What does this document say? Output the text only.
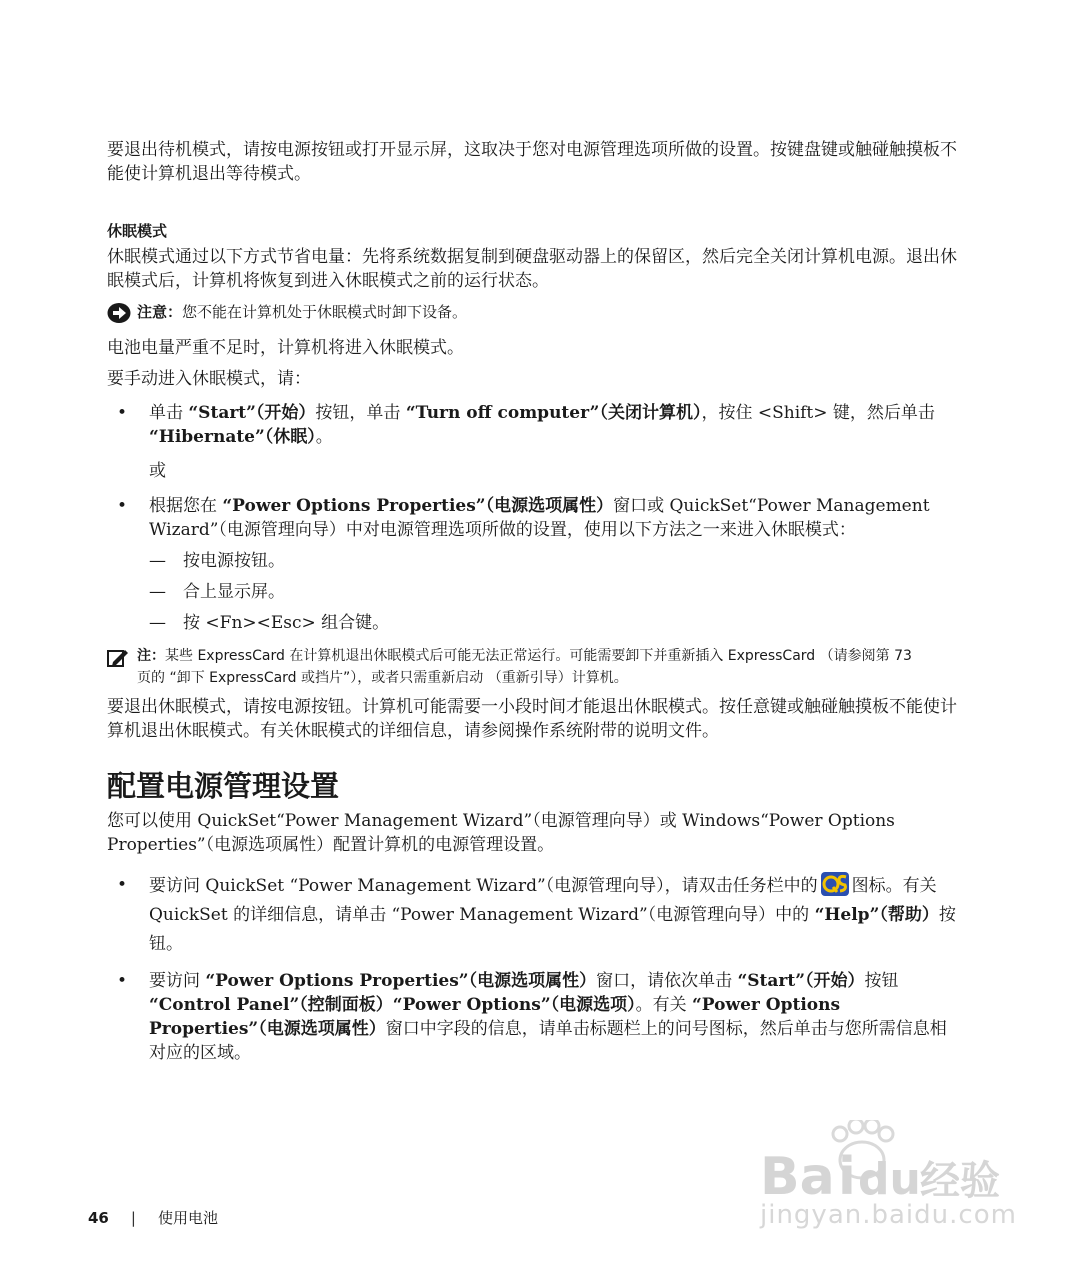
要退出待机模式，请按电源按钮或打开显示屏，这取决于您对电源管理选项所做的设置。按键盘键或触碰触摸板不能使计算机退出等待模式。

休眠模式

休眠模式通过以下方式节省电量：先将系统数据复制到硬盘驱动器上的保留区，然后完全关闭计算机电源。退出休眠模式后，计算机将恢复到进入休眠模式之前的运行状态。

注意：您不能在计算机处于休眠模式时卸下设备。

电池电量严重不足时，计算机将进入休眠模式。

要手动进入休眠模式，请：

•	单击 “Start”（开始）按钮，单击 “Turn off computer”（关闭计算机），按住 <Shift> 键，然后单击 “Hibernate”（休眠）。
或
•	根据您在 “Power Options Properties”（电源选项属性）窗口或 QuickSet“Power Management Wizard”（电源管理向导）中对电源管理选项所做的设置，使用以下方法之一来进入休眠模式：
—	按电源按钮。
—	合上显示屏。
—	按 <Fn><Esc> 组合键。
注：某些 ExpressCard 在计算机退出休眠模式后可能无法正常运行。可能需要卸下并重新插入 ExpressCard （请参阅第 73 页的 “卸下 ExpressCard 或挡片”），或者只需重新启动 （重新引导）计算机。

要退出休眠模式，请按电源按钮。计算机可能需要一小段时间才能退出休眠模式。按任意键或触碰触摸板不能使计算机退出休眠模式。有关休眠模式的详细信息，请参阅操作系统附带的说明文件。

配置电源管理设置

您可以使用 QuickSet“Power Management Wizard”（电源管理向导）或 Windows“Power Options Properties”（电源选项属性）配置计算机的电源管理设置。

•	要访问 QuickSet “Power Management Wizard”（电源管理向导），请双击任务栏中的 图标。有关 QuickSet 的详细信息，请单击 “Power Management Wizard”（电源管理向导）中的 “Help”（帮助）按钮。
•	要访问 “Power Options Properties”（电源选项属性）窗口，请依次单击 “Start”（开始）按钮 “Control Panel”（控制面板）“Power Options”（电源选项）。有关 “Power Options Properties”（电源选项属性）窗口中字段的信息，请单击标题栏上的问号图标，然后单击与您所需信息相对应的区域。
Ba i du 经验
jingyan.baidu.com
46 | 使用电池
